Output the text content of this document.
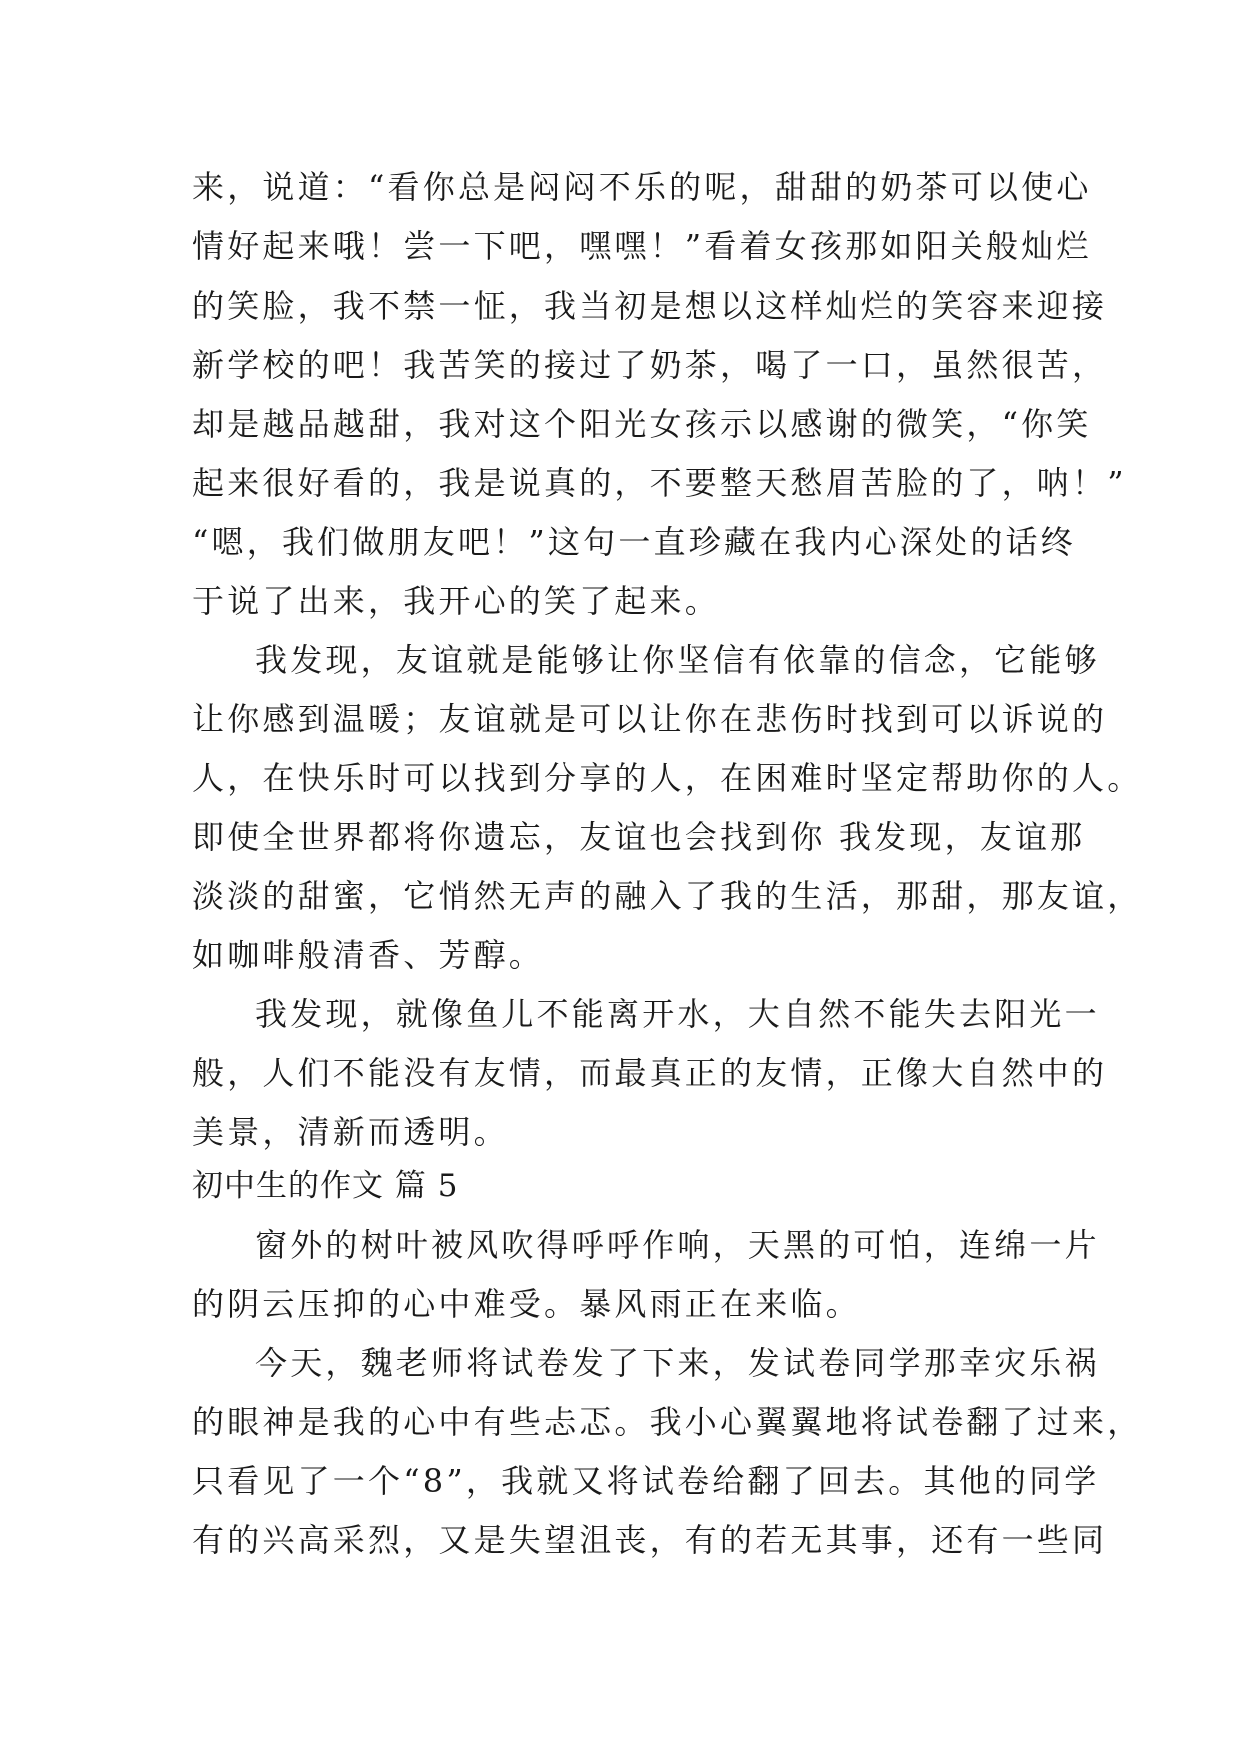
来，说道：“看你总是闷闷不乐的呢，甜甜的奶茶可以使心
情好起来哦！尝一下吧，嘿嘿！”看着女孩那如阳关般灿烂
的笑脸，我不禁一怔，我当初是想以这样灿烂的笑容来迎接
新学校的吧！我苦笑的接过了奶茶，喝了一口，虽然很苦，
却是越品越甜，我对这个阳光女孩示以感谢的微笑，“你笑
起来很好看的，我是说真的，不要整天愁眉苦脸的了，呐！”
“嗯，我们做朋友吧！”这句一直珍藏在我内心深处的话终
于说了出来，我开心的笑了起来。
我发现，友谊就是能够让你坚信有依靠的信念，它能够
让你感到温暖；友谊就是可以让你在悲伤时找到可以诉说的
人，在快乐时可以找到分享的人，在困难时坚定帮助你的人。
即使全世界都将你遗忘，友谊也会找到你 我发现，友谊那
淡淡的甜蜜，它悄然无声的融入了我的生活，那甜，那友谊，
如咖啡般清香、芳醇。
我发现，就像鱼儿不能离开水，大自然不能失去阳光一
般，人们不能没有友情，而最真正的友情，正像大自然中的
美景，清新而透明。
初中生的作文 篇 5
窗外的树叶被风吹得呼呼作响，天黑的可怕，连绵一片
的阴云压抑的心中难受。暴风雨正在来临。
今天，魏老师将试卷发了下来，发试卷同学那幸灾乐祸
的眼神是我的心中有些忐忑。我小心翼翼地将试卷翻了过来，
只看见了一个“8”，我就又将试卷给翻了回去。其他的同学
有的兴高采烈，又是失望沮丧，有的若无其事，还有一些同
